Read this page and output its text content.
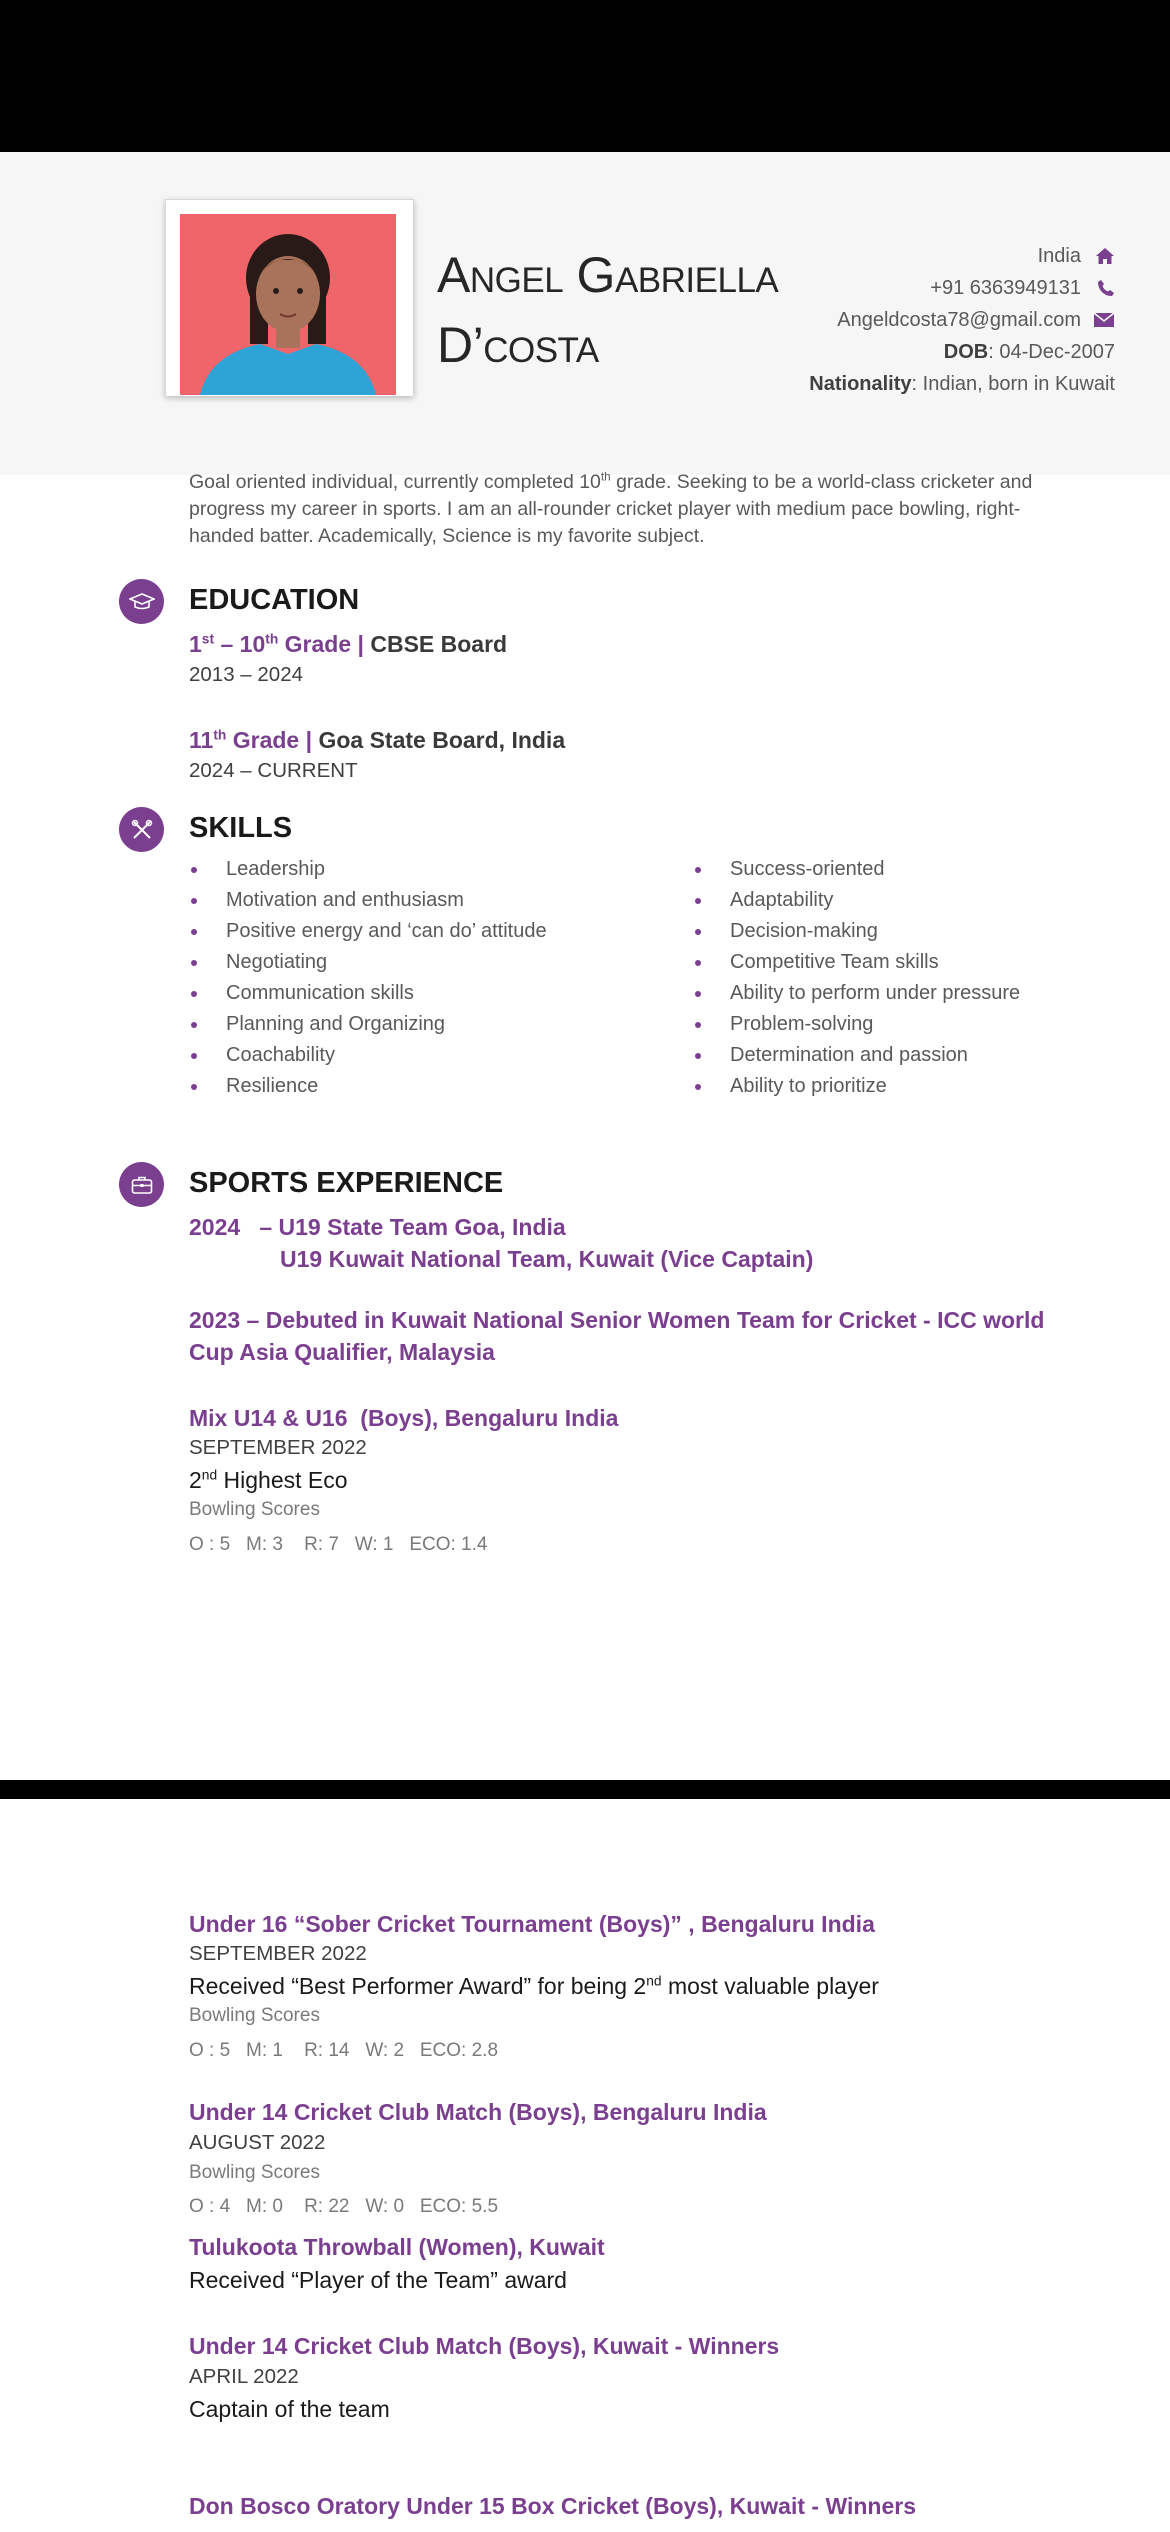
Angel Gabriella
D’costa
India
+91 6363949131
Angeldcosta78@gmail.com
DOB: 04-Dec-2007
Nationality: Indian, born in Kuwait
Goal oriented individual, currently completed 10th grade. Seeking to be a world-class cricketer and progress my career in sports. I am an all-rounder cricket player with medium pace bowling, right-handed batter. Academically, Science is my favorite subject.
EDUCATION
1st – 10th Grade | CBSE Board
2013 – 2024
11th Grade | Goa State Board, India
2024 – CURRENT
SKILLS
Leadership
Motivation and enthusiasm
Positive energy and ‘can do’ attitude
Negotiating
Communication skills
Planning and Organizing
Coachability
Resilience
Success-oriented
Adaptability
Decision-making
Competitive Team skills
Ability to perform under pressure
Problem-solving
Determination and passion
Ability to prioritize
SPORTS EXPERIENCE
2024   – U19 State Team Goa, India
U19 Kuwait National Team, Kuwait (Vice Captain)
2023 – Debuted in Kuwait National Senior Women Team for Cricket - ICC world Cup Asia Qualifier, Malaysia
Mix U14 & U16  (Boys), Bengaluru India
SEPTEMBER 2022
2nd Highest Eco
Bowling Scores
O : 5   M: 3    R: 7   W: 1   ECO: 1.4
Under 16 “Sober Cricket Tournament (Boys)” , Bengaluru India
SEPTEMBER 2022
Received “Best Performer Award” for being 2nd most valuable player
Bowling Scores
O : 5   M: 1    R: 14   W: 2   ECO: 2.8
Under 14 Cricket Club Match (Boys), Bengaluru India
AUGUST 2022
Bowling Scores
O : 4   M: 0    R: 22   W: 0   ECO: 5.5
Tulukoota Throwball (Women), Kuwait
Received “Player of the Team” award
Under 14 Cricket Club Match (Boys), Kuwait - Winners
APRIL 2022
Captain of the team
Don Bosco Oratory Under 15 Box Cricket (Boys), Kuwait - Winners
